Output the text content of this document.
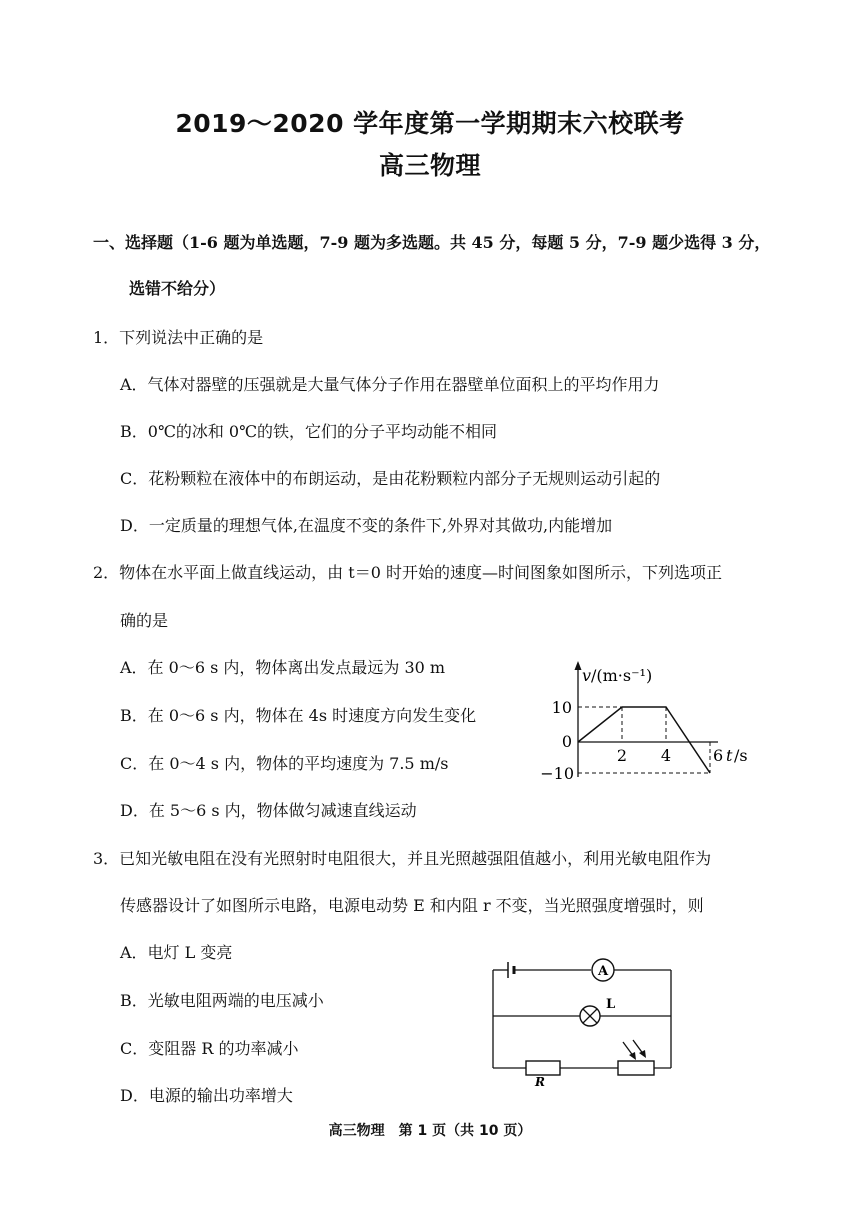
2019～2020 学年度第一学期期末六校联考
高三物理
一、选择题（1-6 题为单选题，7-9 题为多选题。共 45 分，每题 5 分，7-9 题少选得 3 分，
选错不给分）
1．下列说法中正确的是
A．气体对器壁的压强就是大量气体分子作用在器壁单位面积上的平均作用力
B．0℃的冰和 0℃的铁，它们的分子平均动能不相同
C．花粉颗粒在液体中的布朗运动，是由花粉颗粒内部分子无规则运动引起的
D．一定质量的理想气体,在温度不变的条件下,外界对其做功,内能增加
2．物体在水平面上做直线运动，由 t＝0 时开始的速度—时间图象如图所示，下列选项正
确的是
A．在 0～6 s 内，物体离出发点最远为 30 m
B．在 0～6 s 内，物体在 4s 时速度方向发生变化
C．在 0～4 s 内，物体的平均速度为 7.5 m/s
D．在 5～6 s 内，物体做匀减速直线运动
v /(m·s⁻¹)
10
0
−10
2 4	6 t /s
3．已知光敏电阻在没有光照射时电阻很大，并且光照越强阻值越小，利用光敏电阻作为
传感器设计了如图所示电路，电源电动势 E 和内阻 r 不变，当光照强度增强时，则
A．电灯 L 变亮
B．光敏电阻两端的电压减小
C．变阻器 R 的功率减小
D．电源的输出功率增大
A
L
R
高三物理　第 1 页（共 10 页）
